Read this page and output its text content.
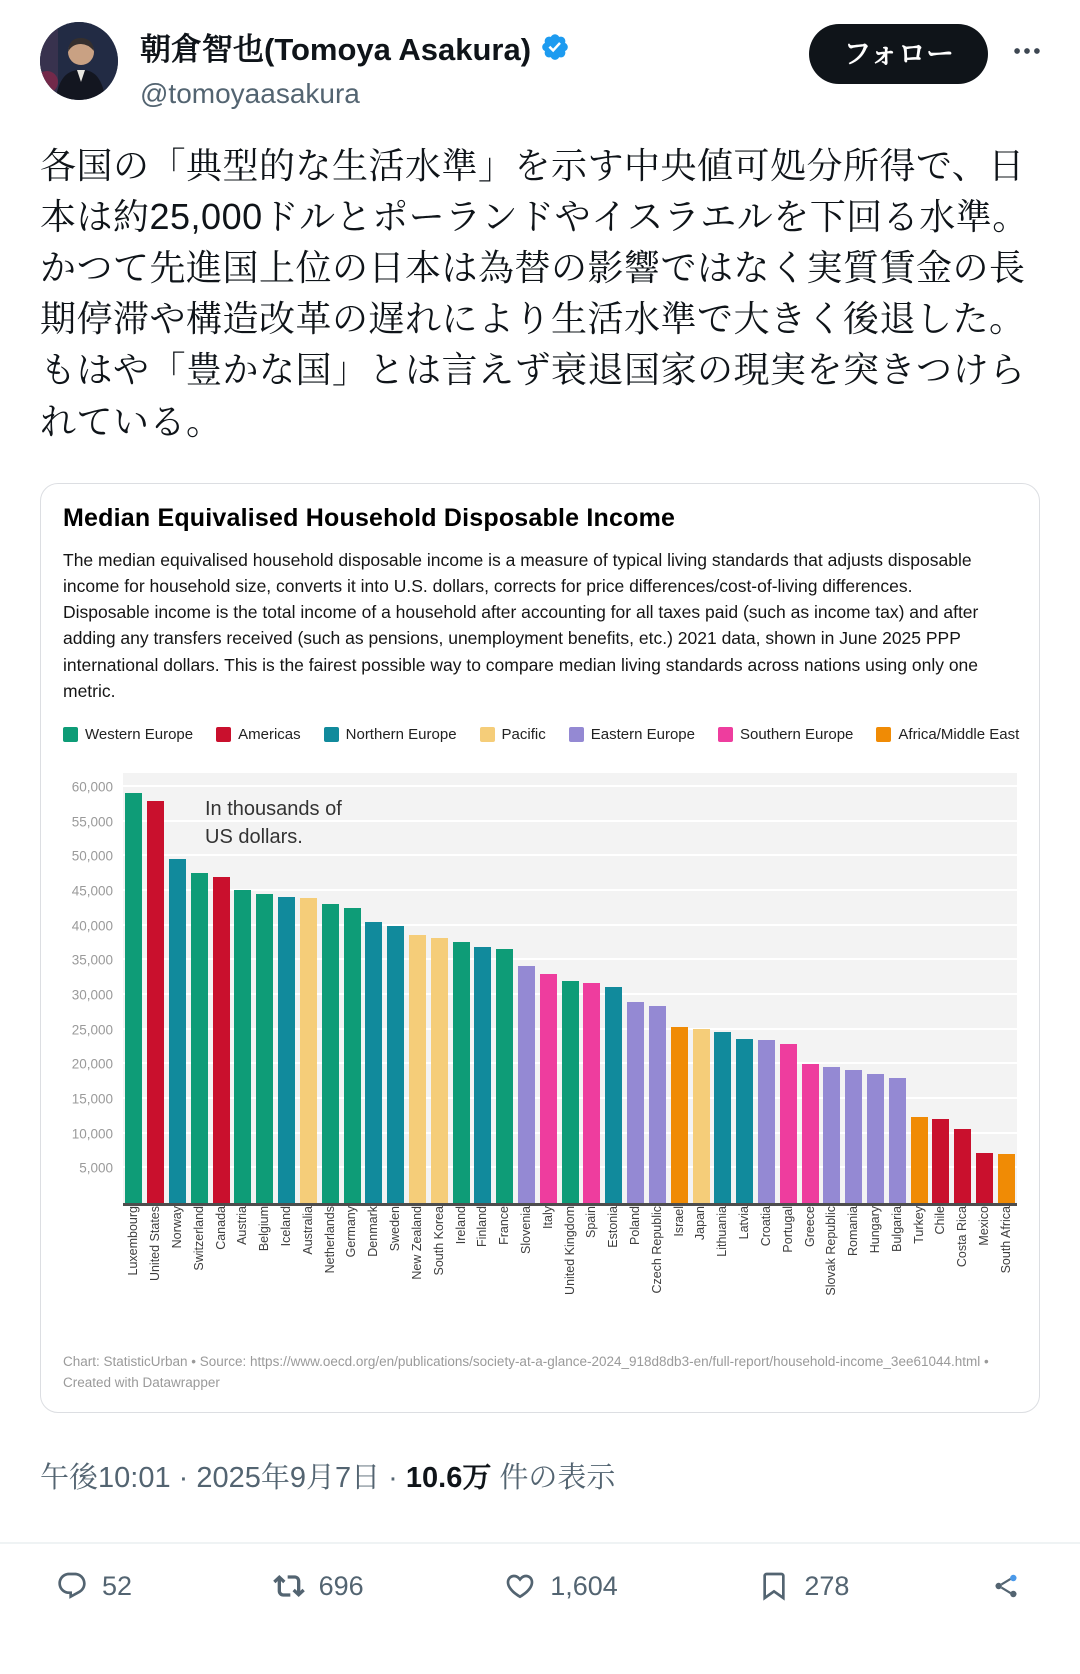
朝倉智也(Tomoya Asakura)
@tomoyaasakura
フォロー
各国の「典型的な生活水準」を示す中央値可処分所得で、日本は約25,000ドルとポーランドやイスラエルを下回る水準。かつて先進国上位の日本は為替の影響ではなく実質賃金の長期停滞や構造改革の遅れにより生活水準で大きく後退した。もはや「豊かな国」とは言えず衰退国家の現実を突きつけられている。
Median Equivalised Household Disposable Income
The median equivalised household disposable income is a measure of typical living standards that adjusts disposable income for household size, converts it into U.S. dollars, corrects for price differences/cost-of-living differences. Disposable income is the total income of a household after accounting for all taxes paid (such as income tax) and after adding any transfers received (such as pensions, unemployment benefits, etc.) 2021 data, shown in June 2025 PPP international dollars. This is the fairest possible way to compare median living standards across nations using only one metric.
Western Europe	Americas	Northern Europe	Pacific	Eastern Europe	Southern Europe	Africa/Middle East
60,000
55,000
50,000
45,000
40,000
35,000
30,000
25,000
20,000
15,000
10,000
5,000
In thousands of
US dollars.
Luxembourg United States Norway Switzerland Canada Austria Belgium Iceland Australia Netherlands Germany Denmark Sweden New Zealand South Korea Ireland Finland France Slovenia Italy United Kingdom Spain Estonia Poland Czech Republic Israel Japan Lithuania Latvia Croatia Portugal Greece Slovak Republic Romania Hungary Bulgaria Turkey Chile Costa Rica Mexico South Africa
Chart: StatisticUrban • Source: https://www.oecd.org/en/publications/society-at-a-glance-2024_918d8db3-en/full-report/household-income_3ee61044.html • Created with Datawrapper
午後10:01 · 2025年9月7日 · 10.6万 件の表示
52	696	1,604	278
